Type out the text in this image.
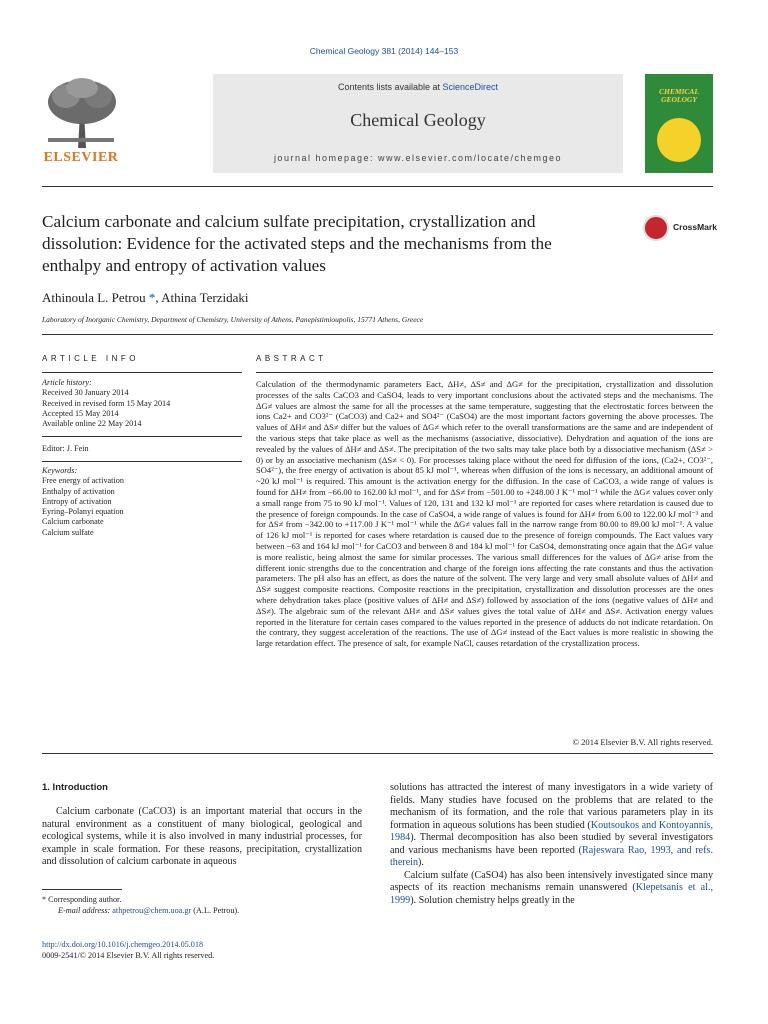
Chemical Geology 381 (2014) 144–153
ELSEVIER
Contents lists available at ScienceDirect
Chemical Geology
journal homepage: www.elsevier.com/locate/chemgeo
CHEMICAL
GEOLOGY
Calcium carbonate and calcium sulfate precipitation, crystallization and dissolution: Evidence for the activated steps and the mechanisms from the enthalpy and entropy of activation values
CrossMark
Athinoula L. Petrou *, Athina Terzidaki
Laboratory of Inorganic Chemistry, Department of Chemistry, University of Athens, Panepistimioupolis, 15771 Athens, Greece
ARTICLE INFO	ABSTRACT
Article history:
Received 30 January 2014
Received in revised form 15 May 2014
Accepted 15 May 2014
Available online 22 May 2014
Editor: J. Fein
Keywords:
Free energy of activation
Enthalpy of activation
Entropy of activation
Eyring–Polanyi equation
Calcium carbonate
Calcium sulfate
Calculation of the thermodynamic parameters Eact, ΔH≠, ΔS≠ and ΔG≠ for the precipitation, crystallization and dissolution processes of the salts CaCO3 and CaSO4, leads to very important conclusions about the activated steps and the mechanisms. The ΔG≠ values are almost the same for all the processes at the same temperature, suggesting that the electrostatic forces between the ions Ca2+ and CO3²⁻ (CaCO3) and Ca2+ and SO4²⁻ (CaSO4) are the most important factors governing the above processes. The values of ΔH≠ and ΔS≠ differ but the values of ΔG≠ which refer to the overall transformations are the same and are independent of the various steps that take place as well as the mechanisms (associative, dissociative). Dehydration and aquation of the ions are revealed by the values of ΔH≠ and ΔS≠. The precipitation of the two salts may take place both by a dissociative mechanism (ΔS≠ > 0) or by an associative mechanism (ΔS≠ < 0). For processes taking place without the need for diffusion of the ions, (Ca2+, CO3²⁻, SO4²⁻), the free energy of activation is about 85 kJ mol⁻¹, whereas when diffusion of the ions is necessary, an additional amount of ~20 kJ mol⁻¹ is required. This amount is the activation energy for the diffusion. In the case of CaCO3, a wide range of values is found for ΔH≠ from −66.00 to 162.00 kJ mol⁻¹, and for ΔS≠ from −501.00 to +248.00 J K⁻¹ mol⁻¹ while the ΔG≠ values cover only a small range from 75 to 90 kJ mol⁻¹. Values of 120, 131 and 132 kJ mol⁻¹ are reported for cases where retardation is caused due to the presence of foreign compounds. In the case of CaSO4, a wide range of values is found for ΔH≠ from 6.00 to 122.00 kJ mol⁻¹ and for ΔS≠ from −342.00 to +117.00 J K⁻¹ mol⁻¹ while the ΔG≠ values fall in the narrow range from 80.00 to 89.00 kJ mol⁻¹. A value of 126 kJ mol⁻¹ is reported for cases where retardation is caused due to the presence of foreign compounds. The Eact values vary between −63 and 164 kJ mol⁻¹ for CaCO3 and between 8 and 184 kJ mol⁻¹ for CaSO4, demonstrating once again that the ΔG≠ value is more realistic, being almost the same for similar processes. The various small differences for the values of ΔG≠ arise from the different ionic strengths due to the concentration and charge of the foreign ions affecting the rate constants and thus the activation parameters. The pH also has an effect, as does the nature of the solvent. The very large and very small absolute values of ΔH≠ and ΔS≠ suggest composite reactions. Composite reactions in the precipitation, crystallization and dissolution processes are the ones where dehydration takes place (positive values of ΔH≠ and ΔS≠) followed by association of the ions (negative values of ΔH≠ and ΔS≠). The algebraic sum of the relevant ΔH≠ and ΔS≠ values gives the total value of ΔH≠ and ΔS≠. Activation energy values reported in the literature for certain cases compared to the values reported in the presence of adducts do not indicate retardation. On the contrary, they suggest acceleration of the reactions. The use of ΔG≠ instead of the Eact values is more realistic in showing the large retardation effect. The presence of salt, for example NaCl, causes retardation of the crystallization process.
© 2014 Elsevier B.V. All rights reserved.
1. Introduction

Calcium carbonate (CaCO3) is an important material that occurs in the natural environment as a constituent of many biological, geological and ecological systems, while it is also involved in many industrial processes, for example in scale formation. For these reasons, precipitation, crystallization and dissolution of calcium carbonate in aqueous

solutions has attracted the interest of many investigators in a wide variety of fields. Many studies have focused on the problems that are related to the mechanism of its formation, and the role that various parameters play in its formation in aqueous solutions has been studied (Koutsoukos and Kontoyannis, 1984). Thermal decomposition has also been studied by several investigators and various mechanisms have been reported (Rajeswara Rao, 1993, and refs. therein).

Calcium sulfate (CaSO4) has also been intensively investigated since many aspects of its reaction mechanisms remain unanswered (Klepetsanis et al., 1999). Solution chemistry helps greatly in the

* Corresponding author.
E-mail address: athpetrou@chem.uoa.gr (A.L. Petrou).
http://dx.doi.org/10.1016/j.chemgeo.2014.05.018
0009-2541/© 2014 Elsevier B.V. All rights reserved.
